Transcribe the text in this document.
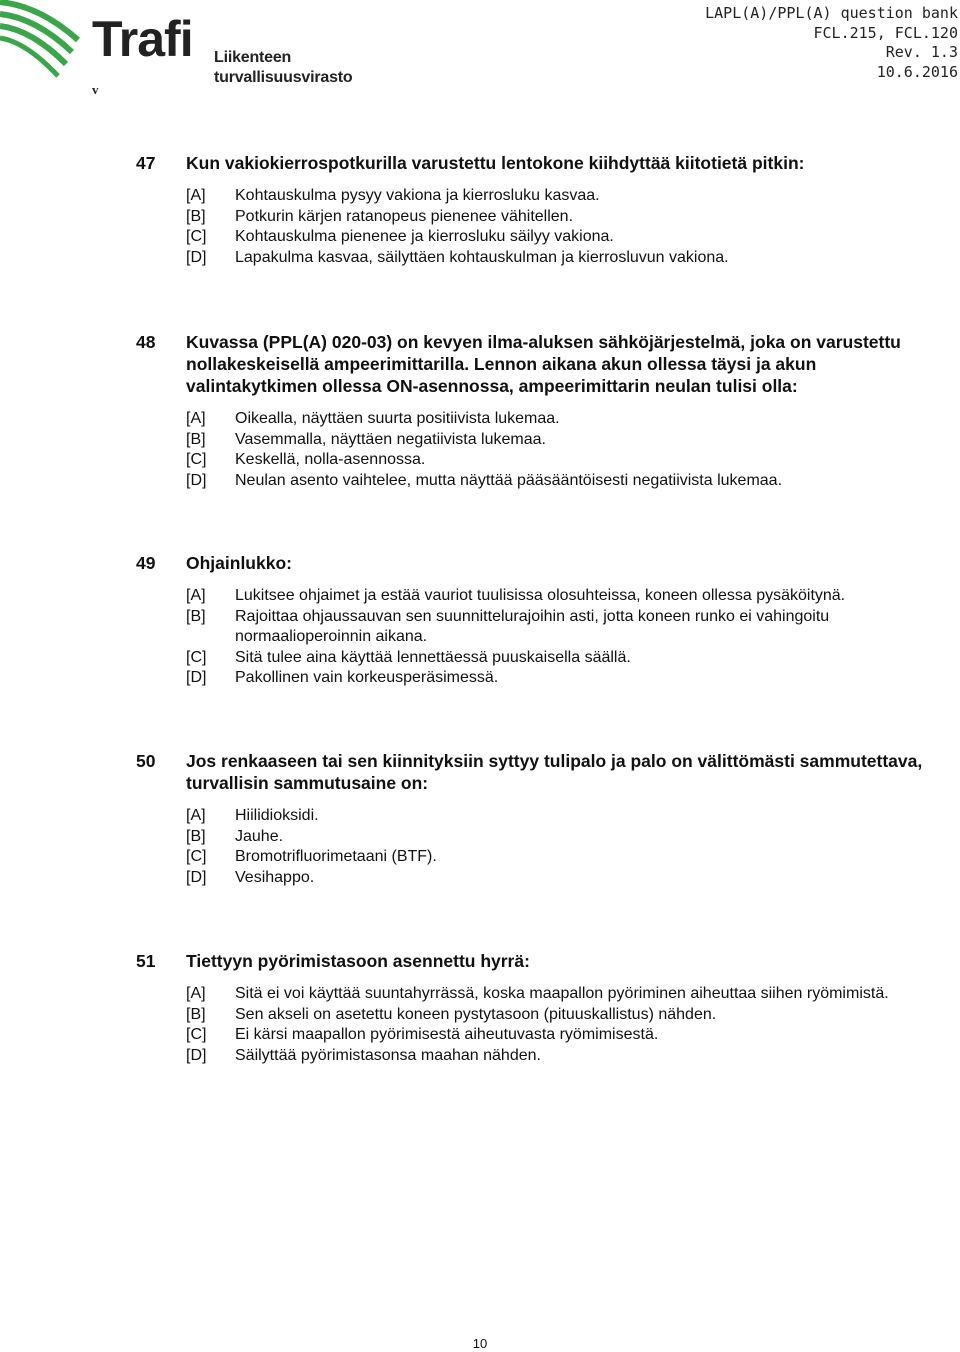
Trafi Liikenteen turvallisuusvirasto
v
LAPL(A)/PPL(A) question bank
FCL.215, FCL.120
Rev. 1.3
10.6.2016
47 Kun vakiokierrospotkurilla varustettu lentokone kiihdyttää kiitotietä pitkin:
[A]	Kohtauskulma pysyy vakiona ja kierrosluku kasvaa.
[B]	Potkurin kärjen ratanopeus pienenee vähitellen.
[C]	Kohtauskulma pienenee ja kierrosluku säilyy vakiona.
[D]	Lapakulma kasvaa, säilyttäen kohtauskulman ja kierrosluvun vakiona.
48 Kuvassa (PPL(A) 020-03) on kevyen ilma-aluksen sähköjärjestelmä, joka on varustettu nollakeskeisellä ampeerimittarilla. Lennon aikana akun ollessa täysi ja akun valintakytkimen ollessa ON-asennossa, ampeerimittarin neulan tulisi olla:
[A]	Oikealla, näyttäen suurta positiivista lukemaa.
[B]	Vasemmalla, näyttäen negatiivista lukemaa.
[C]	Keskellä, nolla-asennossa.
[D]	Neulan asento vaihtelee, mutta näyttää pääsääntöisesti negatiivista lukemaa.
49 Ohjainlukko:
[A]	Lukitsee ohjaimet ja estää vauriot tuulisissa olosuhteissa, koneen ollessa pysäköitynä.
[B]	Rajoittaa ohjaussauvan sen suunnittelurajoihin asti, jotta koneen runko ei vahingoitu normaalioperoinnin aikana.
[C]	Sitä tulee aina käyttää lennettäessä puuskaisella säällä.
[D]	Pakollinen vain korkeusperäsimessä.
50 Jos renkaaseen tai sen kiinnityksiin syttyy tulipalo ja palo on välittömästi sammutettava, turvallisin sammutusaine on:
[A]	Hiilidioksidi.
[B]	Jauhe.
[C]	Bromotrifluorimetaani (BTF).
[D]	Vesihappo.
51 Tiettyyn pyörimistasoon asennettu hyrrä:
[A]	Sitä ei voi käyttää suuntahyrrässä, koska maapallon pyöriminen aiheuttaa siihen ryömimistä.
[B]	Sen akseli on asetettu koneen pystytasoon (pituuskallistus) nähden.
[C]	Ei kärsi maapallon pyörimisestä aiheutuvasta ryömimisestä.
[D]	Säilyttää pyörimistasonsa maahan nähden.
10
